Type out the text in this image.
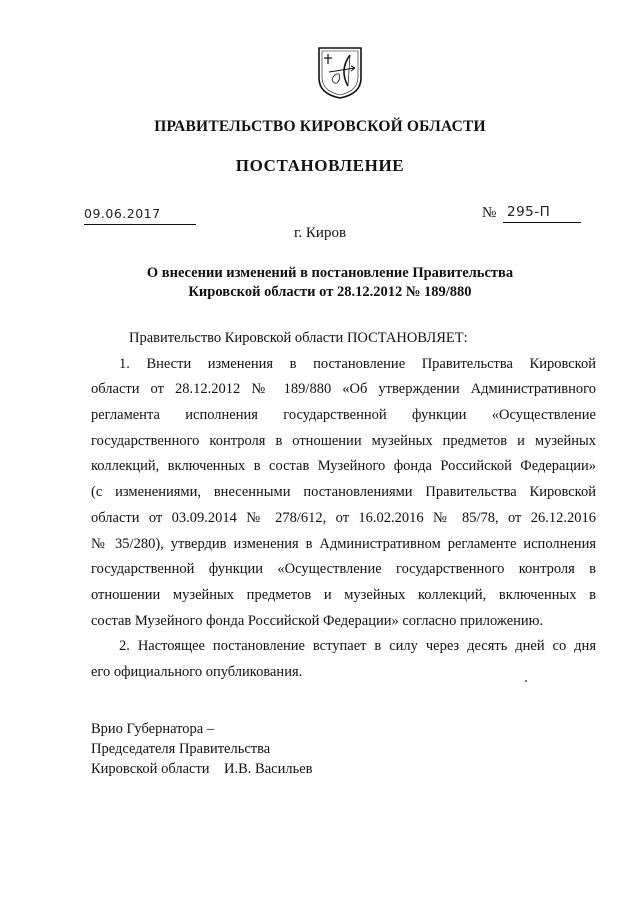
ПРАВИТЕЛЬСТВО КИРОВСКОЙ ОБЛАСТИ
ПОСТАНОВЛЕНИЕ
09.06.2017	№ 295-П
г. Киров
О внесении изменений в постановление Правительства
Кировской области от 28.12.2012 № 189/880
Правительство Кировской области ПОСТАНОВЛЯЕТ:
1. Внести изменения в постановление Правительства Кировской
области от 28.12.2012 № 189/880 «Об утверждении Административного
регламента исполнения государственной функции «Осуществление
государственного контроля в отношении музейных предметов и музейных
коллекций, включенных в состав Музейного фонда Российской Федерации»
(с изменениями, внесенными постановлениями Правительства Кировской
области от 03.09.2014 № 278/612, от 16.02.2016 № 85/78, от 26.12.2016
№ 35/280), утвердив изменения в Административном регламенте исполнения
государственной функции «Осуществление государственного контроля в
отношении музейных предметов и музейных коллекций, включенных в
состав Музейного фонда Российской Федерации» согласно приложению.
2. Настоящее постановление вступает в силу через десять дней со дня
его официального опубликования.
Врио Губернатора –
Председателя Правительства
Кировской области    И.В. Васильев
